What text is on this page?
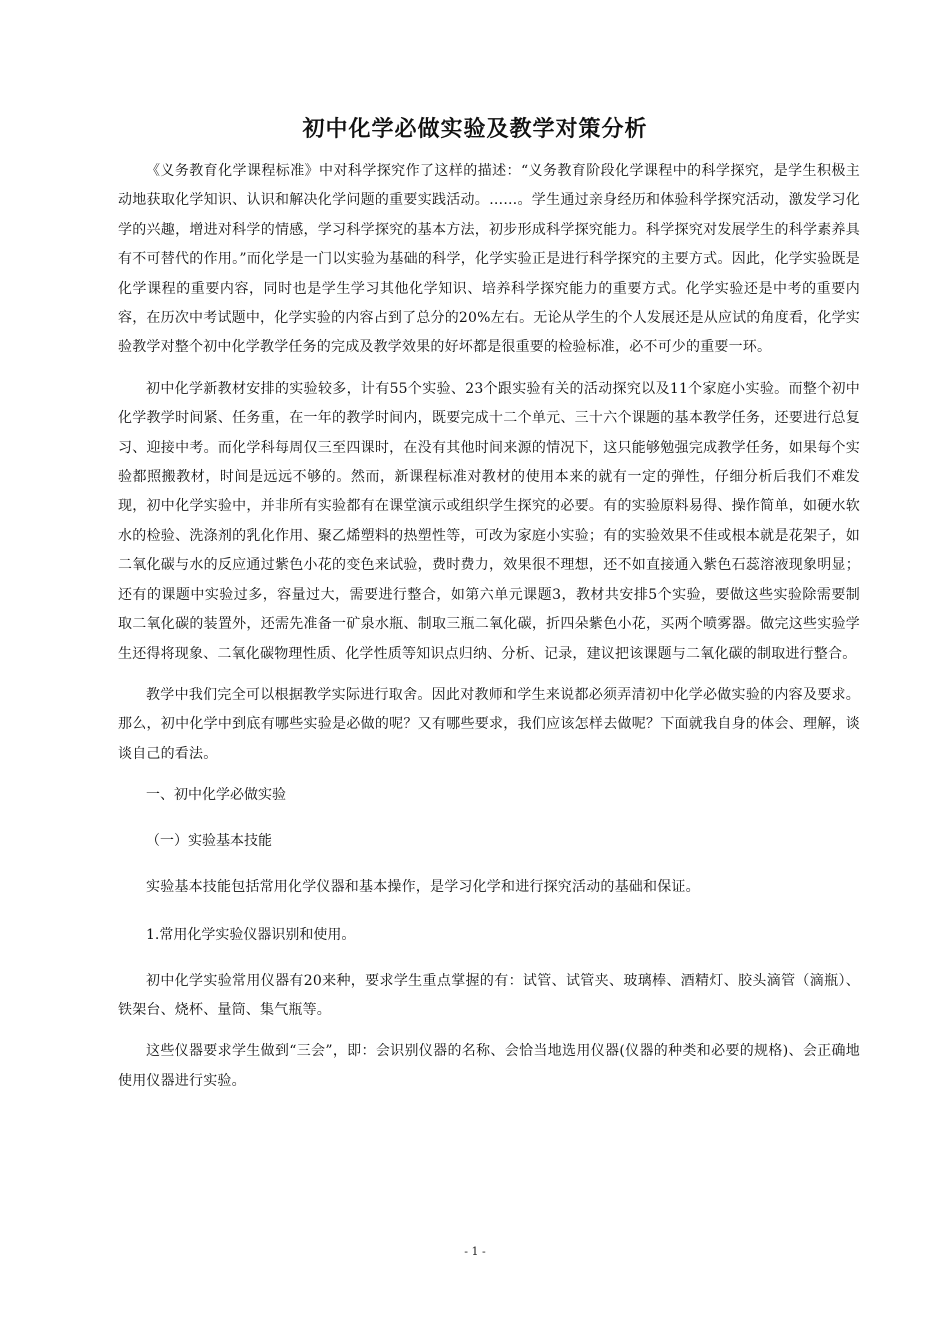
初中化学必做实验及教学对策分析

《义务教育化学课程标准》中对科学探究作了这样的描述：“义务教育阶段化学课程中的科学探究，是学生积极主动地获取化学知识、认识和解决化学问题的重要实践活动。……。学生通过亲身经历和体验科学探究活动，激发学习化学的兴趣，增进对科学的情感，学习科学探究的基本方法，初步形成科学探究能力。科学探究对发展学生的科学素养具有不可替代的作用。”而化学是一门以实验为基础的科学，化学实验正是进行科学探究的主要方式。因此，化学实验既是化学课程的重要内容，同时也是学生学习其他化学知识、培养科学探究能力的重要方式。化学实验还是中考的重要内容，在历次中考试题中，化学实验的内容占到了总分的20%左右。无论从学生的个人发展还是从应试的角度看，化学实验教学对整个初中化学教学任务的完成及教学效果的好坏都是很重要的检验标准，必不可少的重要一环。

初中化学新教材安排的实验较多，计有55个实验、23个跟实验有关的活动探究以及11个家庭小实验。而整个初中化学教学时间紧、任务重，在一年的教学时间内，既要完成十二个单元、三十六个课题的基本教学任务，还要进行总复习、迎接中考。而化学科每周仅三至四课时，在没有其他时间来源的情况下，这只能够勉强完成教学任务，如果每个实验都照搬教材，时间是远远不够的。然而，新课程标准对教材的使用本来的就有一定的弹性，仔细分析后我们不难发现，初中化学实验中，并非所有实验都有在课堂演示或组织学生探究的必要。有的实验原料易得、操作简单，如硬水软水的检验、洗涤剂的乳化作用、聚乙烯塑料的热塑性等，可改为家庭小实验；有的实验效果不佳或根本就是花架子，如二氧化碳与水的反应通过紫色小花的变色来试验，费时费力，效果很不理想，还不如直接通入紫色石蕊溶液现象明显；还有的课题中实验过多，容量过大，需要进行整合，如第六单元课题3，教材共安排5个实验，要做这些实验除需要制取二氧化碳的装置外，还需先准备一矿泉水瓶、制取三瓶二氧化碳，折四朵紫色小花，买两个喷雾器。做完这些实验学生还得将现象、二氧化碳物理性质、化学性质等知识点归纳、分析、记录，建议把该课题与二氧化碳的制取进行整合。

教学中我们完全可以根据教学实际进行取舍。因此对教师和学生来说都必须弄清初中化学必做实验的内容及要求。那么，初中化学中到底有哪些实验是必做的呢？又有哪些要求，我们应该怎样去做呢？下面就我自身的体会、理解，谈谈自己的看法。

一、初中化学必做实验

（一）实验基本技能

实验基本技能包括常用化学仪器和基本操作，是学习化学和进行探究活动的基础和保证。

1.常用化学实验仪器识别和使用。

初中化学实验常用仪器有20来种，要求学生重点掌握的有：试管、试管夹、玻璃棒、酒精灯、胶头滴管（滴瓶）、铁架台、烧杯、量筒、集气瓶等。

这些仪器要求学生做到“三会”，即：会识别仪器的名称、会恰当地选用仪器(仪器的种类和必要的规格)、会正确地使用仪器进行实验。

- 1 -
